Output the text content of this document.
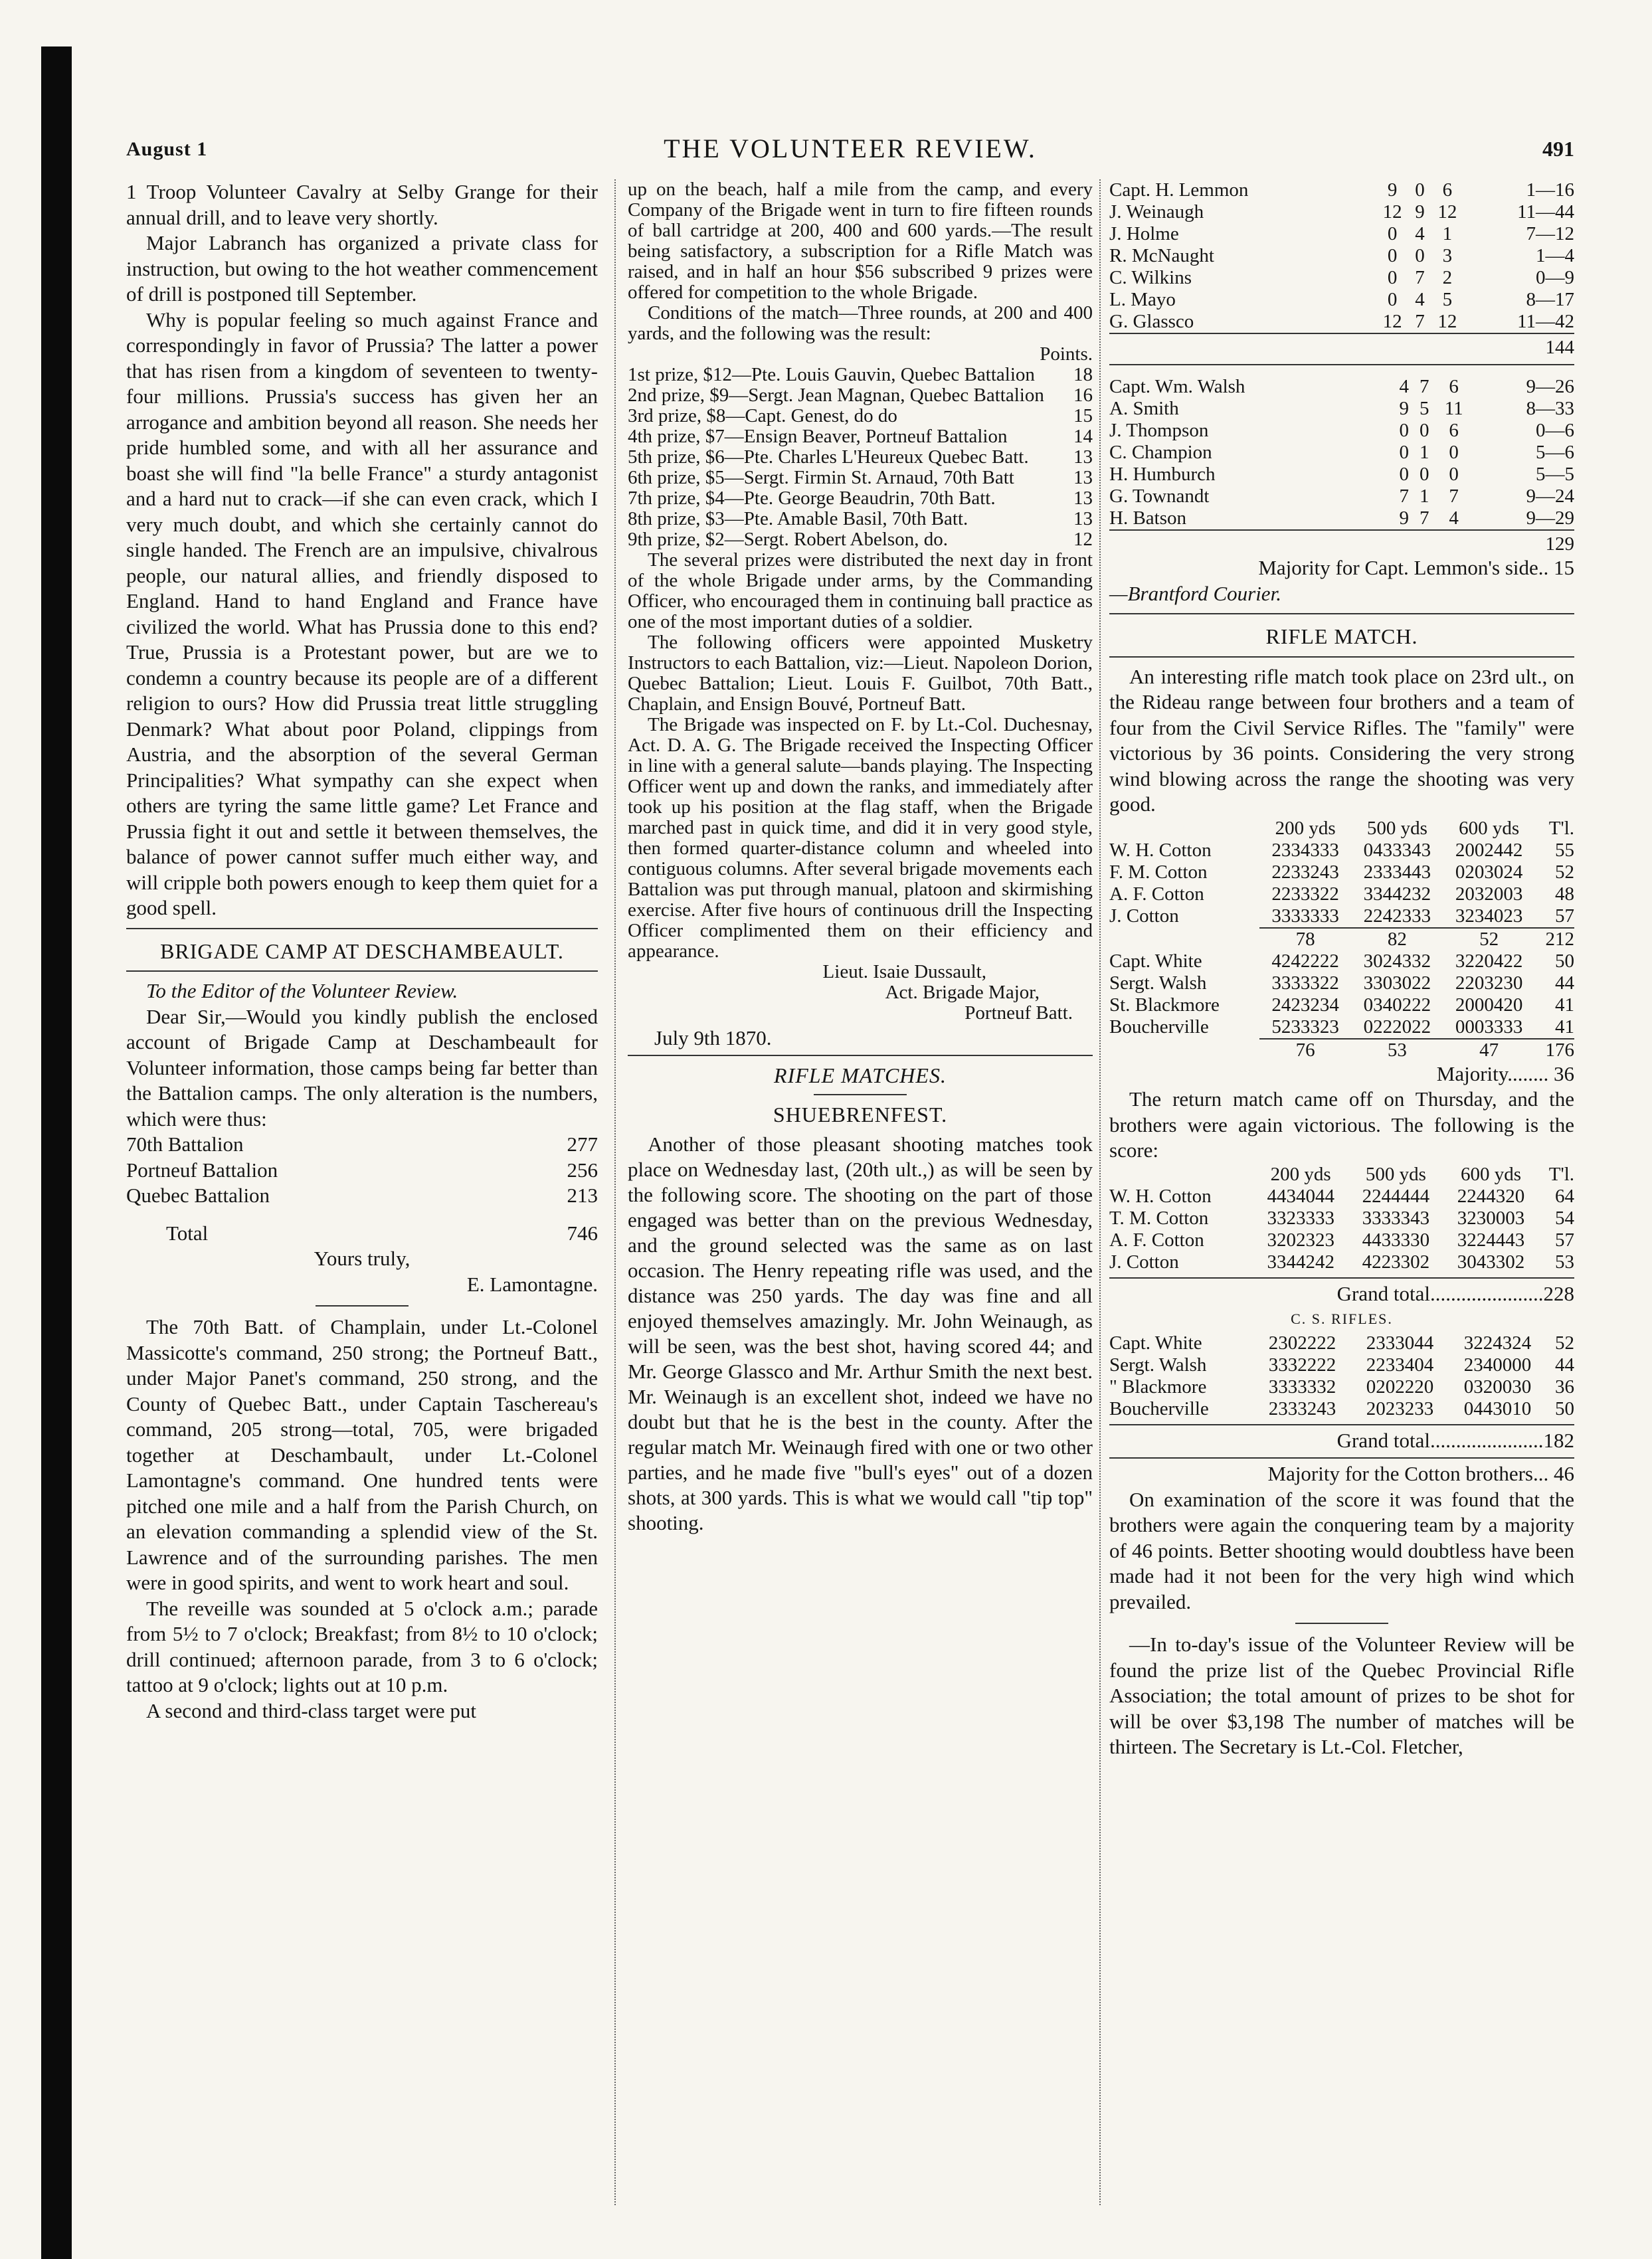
August 1	THE VOLUNTEER REVIEW.	491

1 Troop Volunteer Cavalry at Selby Grange for their annual drill, and to leave very shortly.

Major Labranch has organized a private class for instruction, but owing to the hot weather commencement of drill is postponed till September.

Why is popular feeling so much against France and correspondingly in favor of Prussia? The latter a power that has risen from a kingdom of seventeen to twenty-four millions. Prussia's success has given her an arrogance and ambition beyond all reason. She needs her pride humbled some, and with all her assurance and boast she will find "la belle France" a sturdy antagonist and a hard nut to crack—if she can even crack, which I very much doubt, and which she certainly cannot do single handed. The French are an impulsive, chivalrous people, our natural allies, and friendly disposed to England. Hand to hand England and France have civilized the world. What has Prussia done to this end? True, Prussia is a Protestant power, but are we to condemn a country because its people are of a different religion to ours? How did Prussia treat little struggling Denmark? What about poor Poland, clippings from Austria, and the absorption of the several German Principalities? What sympathy can she expect when others are tyring the same little game? Let France and Prussia fight it out and settle it between themselves, the balance of power cannot suffer much either way, and will cripple both powers enough to keep them quiet for a good spell.

BRIGADE CAMP AT DESCHAMBEAULT.

To the Editor of the Volunteer Review.

Dear Sir,—Would you kindly publish the enclosed account of Brigade Camp at Deschambeault for Volunteer information, those camps being far better than the Battalion camps. The only alteration is the numbers, which were thus:

70th Battalion	277
Portneuf Battalion	256
Quebec Battalion	213
Total	746
Yours truly,
E. Lamontagne.

The 70th Batt. of Champlain, under Lt.-Colonel Massicotte's command, 250 strong; the Portneuf Batt., under Major Panet's command, 250 strong, and the County of Quebec Batt., under Captain Taschereau's command, 205 strong—total, 705, were brigaded together at Deschambault, under Lt.-Colonel Lamontagne's command. One hundred tents were pitched one mile and a half from the Parish Church, on an elevation commanding a splendid view of the St. Lawrence and of the surrounding parishes. The men were in good spirits, and went to work heart and soul.

The reveille was sounded at 5 o'clock a.m.; parade from 5½ to 7 o'clock; Breakfast; from 8½ to 10 o'clock; drill continued; afternoon parade, from 3 to 6 o'clock; tattoo at 9 o'clock; lights out at 10 p.m.

A second and third-class target were put

up on the beach, half a mile from the camp, and every Company of the Brigade went in turn to fire fifteen rounds of ball cartridge at 200, 400 and 600 yards.—The result being satisfactory, a subscription for a Rifle Match was raised, and in half an hour $56 subscribed 9 prizes were offered for competition to the whole Brigade.

Conditions of the match—Three rounds, at 200 and 400 yards, and the following was the result:

Points.
1st prize, $12—Pte. Louis Gauvin, Quebec Battalion	18
2nd prize, $9—Sergt. Jean Magnan, Quebec Battalion	16
3rd prize, $8—Capt. Genest, do do	15
4th prize, $7—Ensign Beaver, Portneuf Battalion	14
5th prize, $6—Pte. Charles L'Heureux Quebec Batt.	13
6th prize, $5—Sergt. Firmin St. Arnaud, 70th Batt	13
7th prize, $4—Pte. George Beaudrin, 70th Batt.	13
8th prize, $3—Pte. Amable Basil, 70th Batt.	13
9th prize, $2—Sergt. Robert Abelson, do.	12

The several prizes were distributed the next day in front of the whole Brigade under arms, by the Commanding Officer, who encouraged them in continuing ball practice as one of the most important duties of a soldier.

The following officers were appointed Musketry Instructors to each Battalion, viz:—Lieut. Napoleon Dorion, Quebec Battalion; Lieut. Louis F. Guilbot, 70th Batt., Chaplain, and Ensign Bouvé, Portneuf Batt.

The Brigade was inspected on F. by Lt.-Col. Duchesnay, Act. D. A. G. The Brigade received the Inspecting Officer in line with a general salute—bands playing. The Inspecting Officer went up and down the ranks, and immediately after took up his position at the flag staff, when the Brigade marched past in quick time, and did it in very good style, then formed quarter-distance column and wheeled into contiguous columns. After several brigade movements each Battalion was put through manual, platoon and skirmishing exercise. After five hours of continuous drill the Inspecting Officer complimented them on their efficiency and appearance.

Lieut. Isaie Dussault,
Act. Brigade Major,
Portneuf Batt.
July 9th 1870.
RIFLE MATCHES.
SHUEBRENFEST.

Another of those pleasant shooting matches took place on Wednesday last, (20th ult.,) as will be seen by the following score. The shooting on the part of those engaged was better than on the previous Wednesday, and the ground selected was the same as on last occasion. The Henry repeating rifle was used, and the distance was 250 yards. The day was fine and all enjoyed themselves amazingly. Mr. John Weinaugh, as will be seen, was the best shot, having scored 44; and Mr. George Glassco and Mr. Arthur Smith the next best. Mr. Weinaugh is an excellent shot, indeed we have no doubt but that he is the best in the county. After the regular match Mr. Weinaugh fired with one or two other parties, and he made five "bull's eyes" out of a dozen shots, at 300 yards. This is what we would call "tip top" shooting.

Capt. H. Lemmon	9	0	6	1—16
J. Weinaugh	12	9	12	11—44
J. Holme	0	4	1	7—12
R. McNaught	0	0	3	1—4
C. Wilkins	0	7	2	0—9
L. Mayo	0	4	5	8—17
G. Glassco	12	7	12	11—42
144				
Capt. Wm. Walsh	4	7	6	9—26
A. Smith	9	5	11	8—33
J. Thompson	0	0	6	0—6
C. Champion	0	1	0	5—6
H. Humburch	0	0	0	5—5
G. Townandt	7	1	7	9—24
H. Batson	9	7	4	9—29
129				
Majority for Capt. Lemmon's side.. 15
—Brantford Courier.
RIFLE MATCH.

An interesting rifle match took place on 23rd ult., on the Rideau range between four brothers and a team of four from the Civil Service Rifles. The "family" were victorious by 36 points. Considering the very strong wind blowing across the range the shooting was very good.

	200 yds	500 yds	600 yds	T'l.
W. H. Cotton	2334333	0433343	2002442	55
F. M. Cotton	2233243	2333443	0203024	52
A. F. Cotton	2233322	3344232	2032003	48
J. Cotton	3333333	2242333	3234023	57
	78	82	52	212
Capt. White	4242222	3024332	3220422	50
Sergt. Walsh	3333322	3303022	2203230	44
St. Blackmore	2423234	0340222	2000420	41
Boucherville	5233323	0222022	0003333	41
	76	53	47	176
Majority........ 36

The return match came off on Thursday, and the brothers were again victorious. The following is the score:

	200 yds	500 yds	600 yds	T'l.
W. H. Cotton	4434044	2244444	2244320	64
T. M. Cotton	3323333	3333343	3230003	54
A. F. Cotton	3202323	4433330	3224443	57
J. Cotton	3344242	4223302	3043302	53
Grand total......................228
C. S. RIFLES.
Capt. White	2302222	2333044	3224324	52
Sergt. Walsh	3332222	2233404	2340000	44
" Blackmore	3333332	0202220	0320030	36
Boucherville	2333243	2023233	0443010	50
Grand total......................182
Majority for the Cotton brothers... 46

On examination of the score it was found that the brothers were again the conquering team by a majority of 46 points. Better shooting would doubtless have been made had it not been for the very high wind which prevailed.

—In to-day's issue of the Volunteer Review will be found the prize list of the Quebec Provincial Rifle Association; the total amount of prizes to be shot for will be over $3,198 The number of matches will be thirteen. The Secretary is Lt.-Col. Fletcher,
